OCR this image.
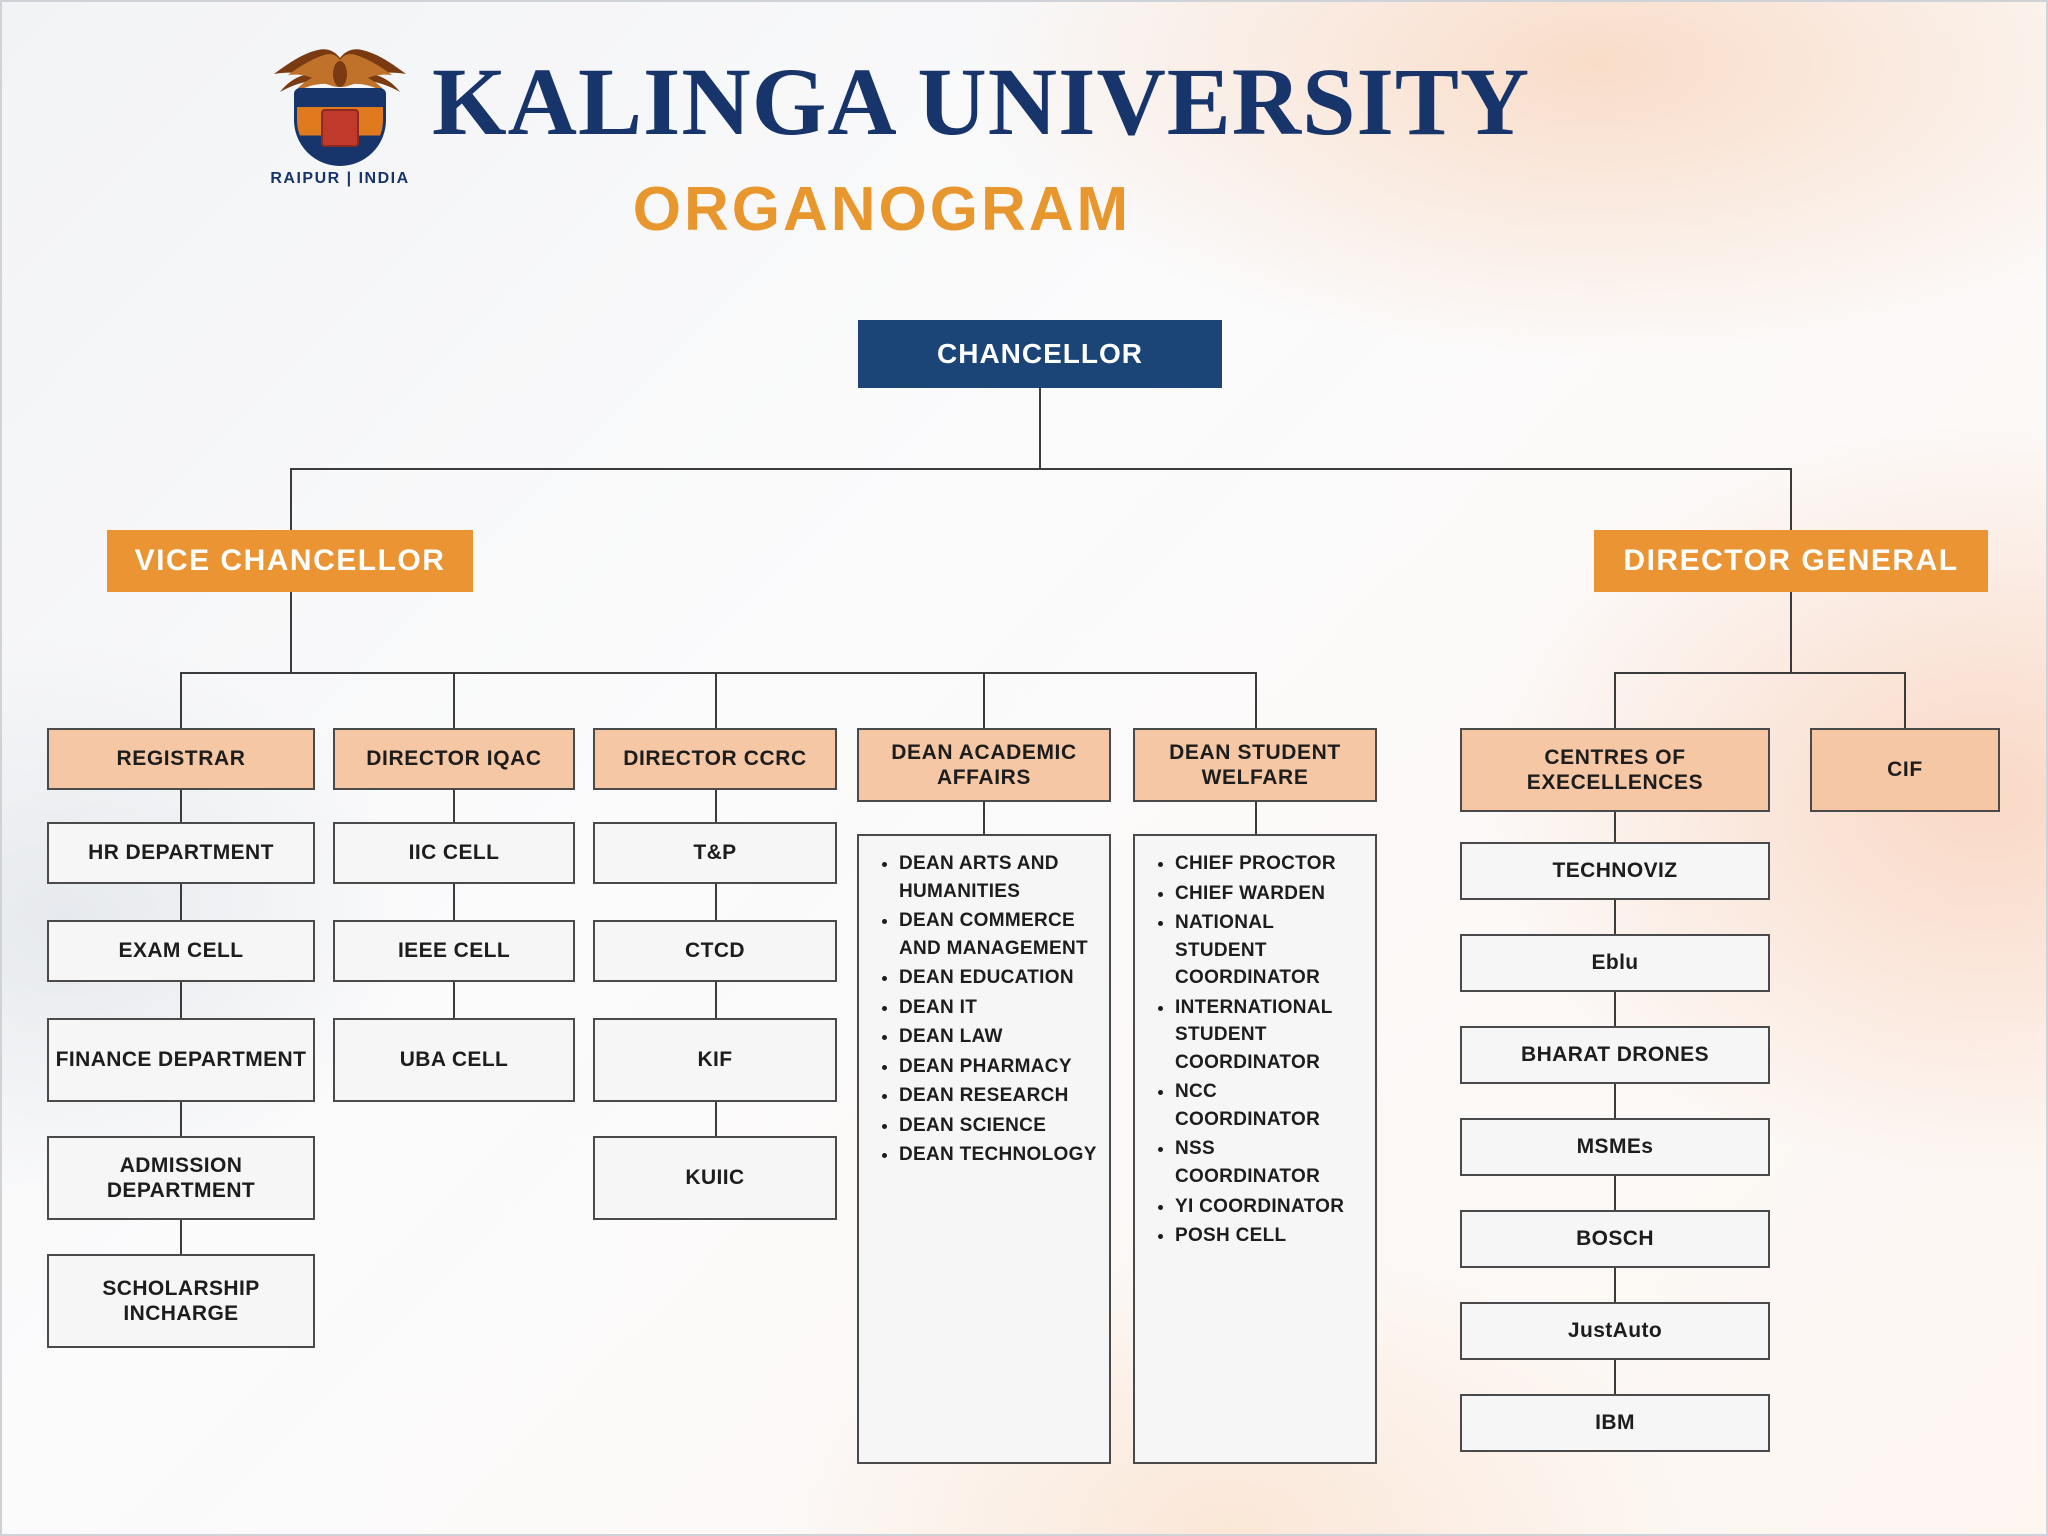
RAIPUR | INDIA
KALINGA UNIVERSITY
ORGANOGRAM
CHANCELLOR
VICE CHANCELLOR	DIRECTOR GENERAL
REGISTRAR	DIRECTOR IQAC	DIRECTOR CCRC	DEAN ACADEMIC AFFAIRS
DEAN STUDENT WELFARE
CENTRES OF EXECELLENCES
CIF
HR DEPARTMENT
EXAM CELL
FINANCE DEPARTMENT
ADMISSION DEPARTMENT
SCHOLARSHIP INCHARGE
IIC CELL
IEEE CELL
UBA CELL
T&P
CTCD
KIF
KUIIC
• DEAN ARTS AND HUMANITIES
• DEAN COMMERCE AND MANAGEMENT
• DEAN EDUCATION
• DEAN IT
• DEAN LAW
• DEAN PHARMACY
• DEAN RESEARCH
• DEAN SCIENCE
• DEAN TECHNOLOGY
• CHIEF PROCTOR
• CHIEF WARDEN
• NATIONAL STUDENT COORDINATOR
• INTERNATIONAL STUDENT COORDINATOR
• NCC COORDINATOR
• NSS COORDINATOR
• YI COORDINATOR
• POSH CELL
TECHNOVIZ
Eblu
BHARAT DRONES
MSMEs
BOSCH
JustAuto
IBM
